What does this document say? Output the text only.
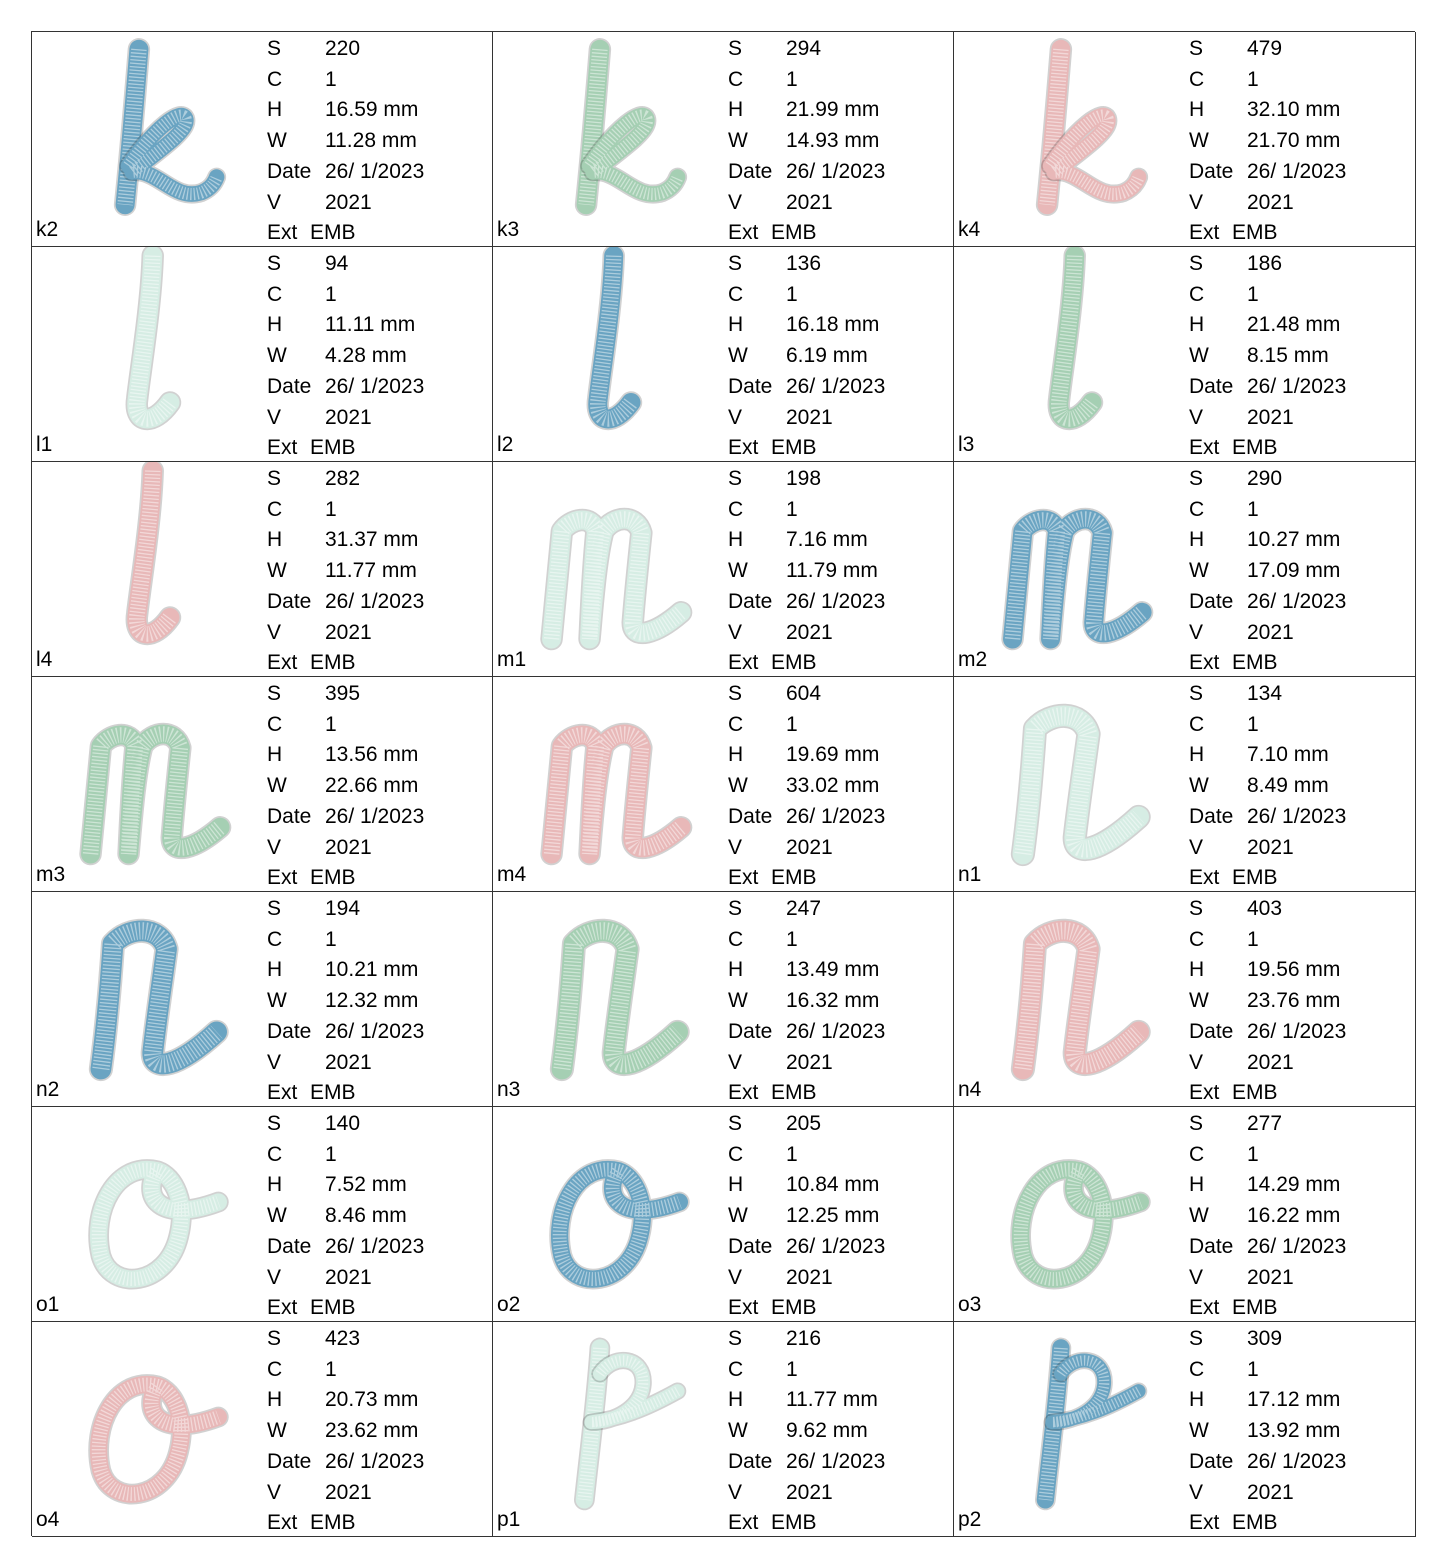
k2
S	220
C	1
H	16.59 mm
W	11.28 mm
Date 26/ 1/2023
V	2021
Ext EMB	k3
S	294
C	1
H	21.99 mm
W	14.93 mm
Date 26/ 1/2023
V	2021
Ext EMB	k4
S	479
C	1
H	32.10 mm
W	21.70 mm
Date 26/ 1/2023
V	2021
Ext EMB
l1
S	94
C	1
H	11.11 mm
W	4.28 mm
Date 26/ 1/2023
V	2021
Ext EMB	l2
S	136
C	1
H	16.18 mm
W	6.19 mm
Date 26/ 1/2023
V	2021
Ext EMB	l3
S	186
C	1
H	21.48 mm
W	8.15 mm
Date 26/ 1/2023
V	2021
Ext EMB
l4
S	282
C	1
H	31.37 mm
W	11.77 mm
Date 26/ 1/2023
V	2021
Ext EMB	m1
S	198
C	1
H	7.16 mm
W	11.79 mm
Date 26/ 1/2023
V	2021
Ext EMB	m2
S	290
C	1
H	10.27 mm
W	17.09 mm
Date 26/ 1/2023
V	2021
Ext EMB
m3
S	395
C	1
H	13.56 mm
W	22.66 mm
Date 26/ 1/2023
V	2021
Ext EMB	m4
S	604
C	1
H	19.69 mm
W	33.02 mm
Date 26/ 1/2023
V	2021
Ext EMB	n1
S	134
C	1
H	7.10 mm
W	8.49 mm
Date 26/ 1/2023
V	2021
Ext EMB
n2
S	194
C	1
H	10.21 mm
W	12.32 mm
Date 26/ 1/2023
V	2021
Ext EMB	n3
S	247
C	1
H	13.49 mm
W	16.32 mm
Date 26/ 1/2023
V	2021
Ext EMB	n4
S	403
C	1
H	19.56 mm
W	23.76 mm
Date 26/ 1/2023
V	2021
Ext EMB
o1
S	140
C	1
H	7.52 mm
W	8.46 mm
Date 26/ 1/2023
V	2021
Ext EMB	o2
S	205
C	1
H	10.84 mm
W	12.25 mm
Date 26/ 1/2023
V	2021
Ext EMB	o3
S	277
C	1
H	14.29 mm
W	16.22 mm
Date 26/ 1/2023
V	2021
Ext EMB
o4
S	423
C	1
H	20.73 mm
W	23.62 mm
Date 26/ 1/2023
V	2021
Ext EMB	p1
S	216
C	1
H	11.77 mm
W	9.62 mm
Date 26/ 1/2023
V	2021
Ext EMB	p2
S	309
C	1
H	17.12 mm
W	13.92 mm
Date 26/ 1/2023
V	2021
Ext EMB
